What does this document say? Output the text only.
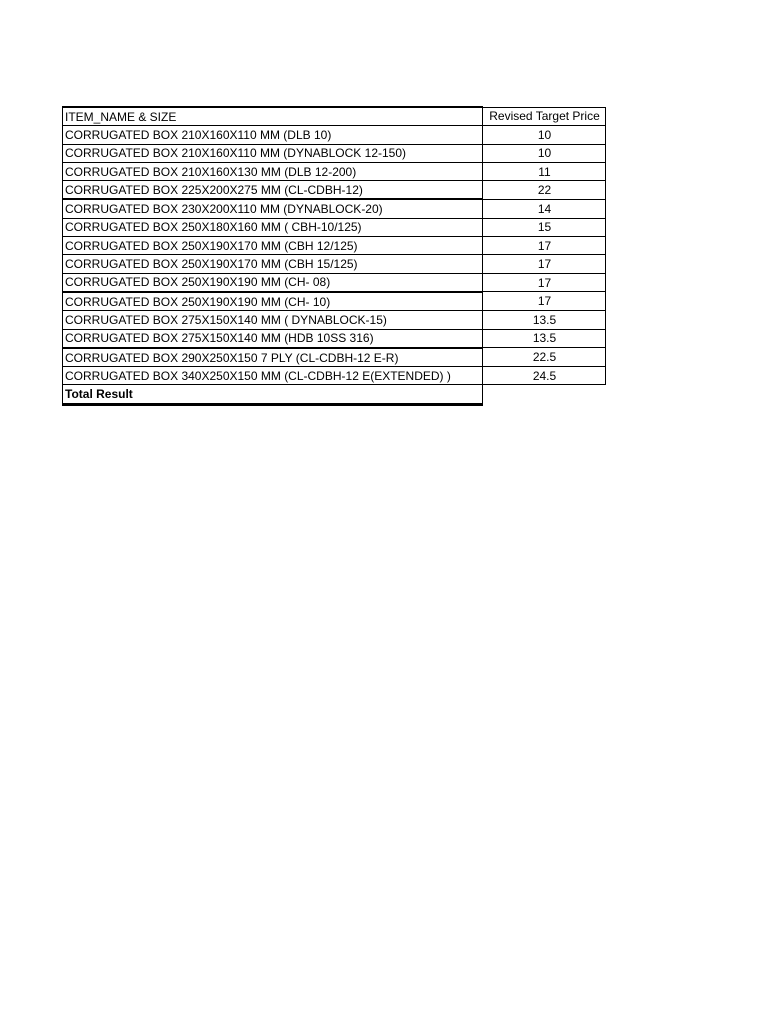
ITEM_NAME & SIZE	Revised Target Price
CORRUGATED BOX 210X160X110 MM (DLB 10)	10
CORRUGATED BOX 210X160X110 MM (DYNABLOCK 12-150)	10
CORRUGATED BOX 210X160X130 MM (DLB 12-200)	11
CORRUGATED BOX 225X200X275 MM (CL-CDBH-12)	22
CORRUGATED BOX 230X200X110 MM (DYNABLOCK-20)	14
CORRUGATED BOX 250X180X160 MM ( CBH-10/125)	15
CORRUGATED BOX 250X190X170 MM (CBH 12/125)	17
CORRUGATED BOX 250X190X170 MM (CBH 15/125)	17
CORRUGATED BOX 250X190X190 MM (CH- 08)	17
CORRUGATED BOX 250X190X190 MM (CH- 10)	17
CORRUGATED BOX 275X150X140 MM ( DYNABLOCK-15)	13.5
CORRUGATED BOX 275X150X140 MM (HDB 10SS 316)	13.5
CORRUGATED BOX 290X250X150 7 PLY (CL-CDBH-12 E-R)	22.5
CORRUGATED BOX 340X250X150 MM (CL-CDBH-12 E(EXTENDED) )	24.5
Total Result	
